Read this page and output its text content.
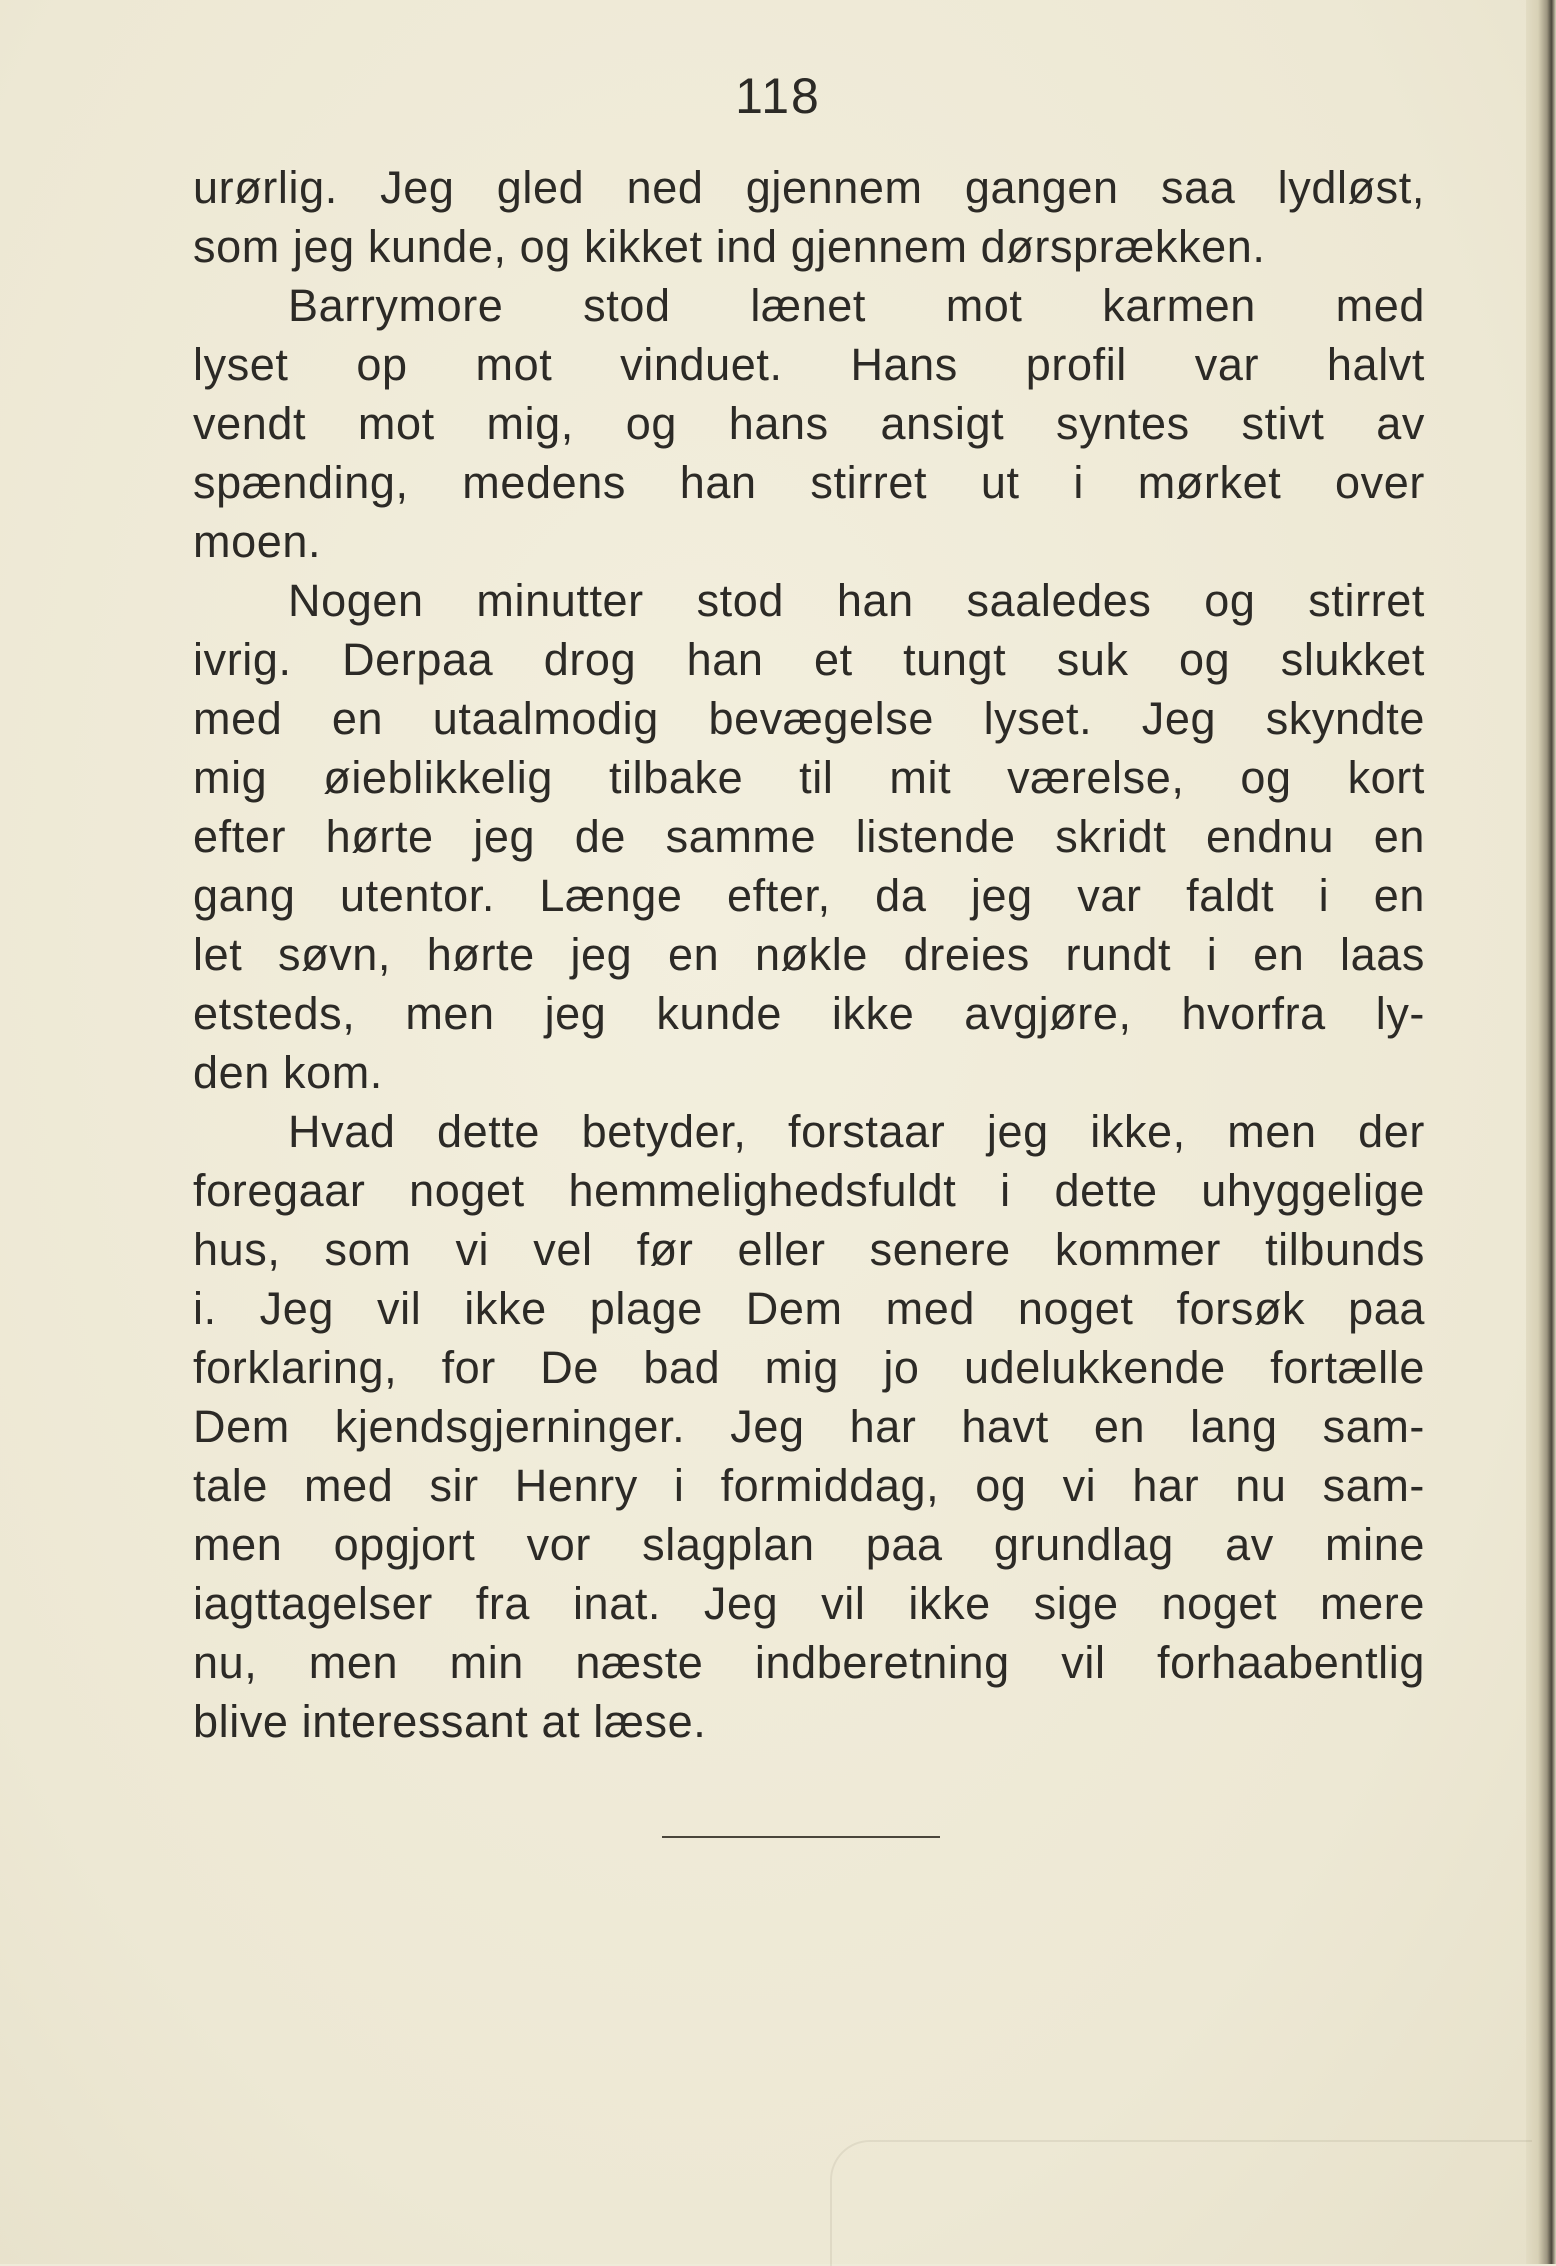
118
urørlig. Jeg gled ned gjennem gangen saa lydløst,
som jeg kunde, og kikket ind gjennem dørsprækken.
Barrymore stod lænet mot karmen med
lyset op mot vinduet. Hans profil var halvt
vendt mot mig, og hans ansigt syntes stivt av
spænding, medens han stirret ut i mørket over
moen.
Nogen minutter stod han saaledes og stirret
ivrig. Derpaa drog han et tungt suk og slukket
med en utaalmodig bevægelse lyset. Jeg skyndte
mig øieblikkelig tilbake til mit værelse, og kort
efter hørte jeg de samme listende skridt endnu en
gang utentor. Længe efter, da jeg var faldt i en
let søvn, hørte jeg en nøkle dreies rundt i en laas
etsteds, men jeg kunde ikke avgjøre, hvorfra ly-
den kom.
Hvad dette betyder, forstaar jeg ikke, men der
foregaar noget hemmelighedsfuldt i dette uhyggelige
hus, som vi vel før eller senere kommer tilbunds
i. Jeg vil ikke plage Dem med noget forsøk paa
forklaring, for De bad mig jo udelukkende fortælle
Dem kjendsgjerninger. Jeg har havt en lang sam-
tale med sir Henry i formiddag, og vi har nu sam-
men opgjort vor slagplan paa grundlag av mine
iagttagelser fra inat. Jeg vil ikke sige noget mere
nu, men min næste indberetning vil forhaabentlig
blive interessant at læse.
